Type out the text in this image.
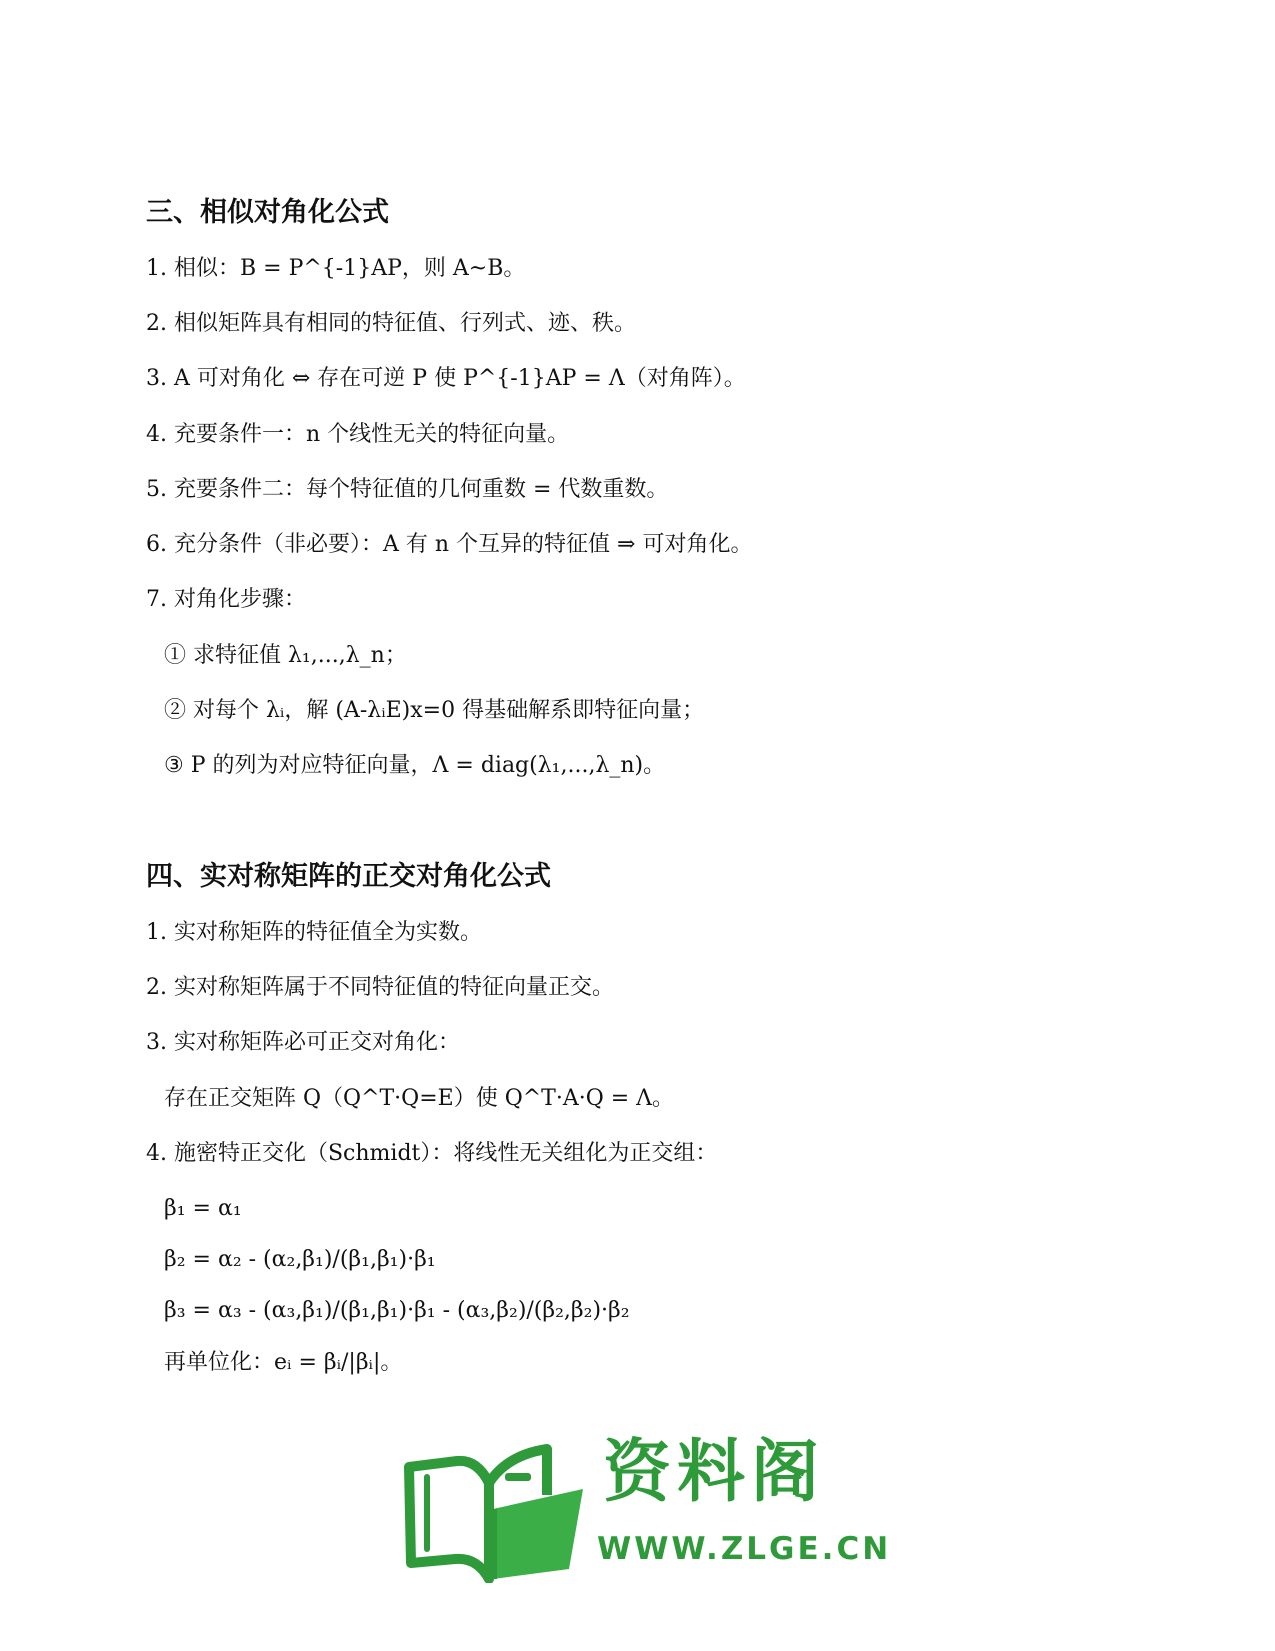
三、相似对角化公式
1. 相似：B = P^{-1}AP，则 A~B。
2. 相似矩阵具有相同的特征值、行列式、迹、秩。
3. A 可对角化 ⇔ 存在可逆 P 使 P^{-1}AP = Λ（对角阵）。
4. 充要条件一：n 个线性无关的特征向量。
5. 充要条件二：每个特征值的几何重数 = 代数重数。
6. 充分条件（非必要）：A 有 n 个互异的特征值 ⇒ 可对角化。
7. 对角化步骤：
① 求特征值 λ₁,...,λ_n；
② 对每个 λᵢ，解 (A-λᵢE)x=0 得基础解系即特征向量；
③ P 的列为对应特征向量，Λ = diag(λ₁,...,λ_n)。
四、实对称矩阵的正交对角化公式
1. 实对称矩阵的特征值全为实数。
2. 实对称矩阵属于不同特征值的特征向量正交。
3. 实对称矩阵必可正交对角化：
存在正交矩阵 Q（Q^T·Q=E）使 Q^T·A·Q = Λ。
4. 施密特正交化（Schmidt）：将线性无关组化为正交组：
β₁ = α₁
β₂ = α₂ - (α₂,β₁)/(β₁,β₁)·β₁
β₃ = α₃ - (α₃,β₁)/(β₁,β₁)·β₁ - (α₃,β₂)/(β₂,β₂)·β₂
再单位化：eᵢ = βᵢ/|βᵢ|。
资料阁
WWW.ZLGE.CN
